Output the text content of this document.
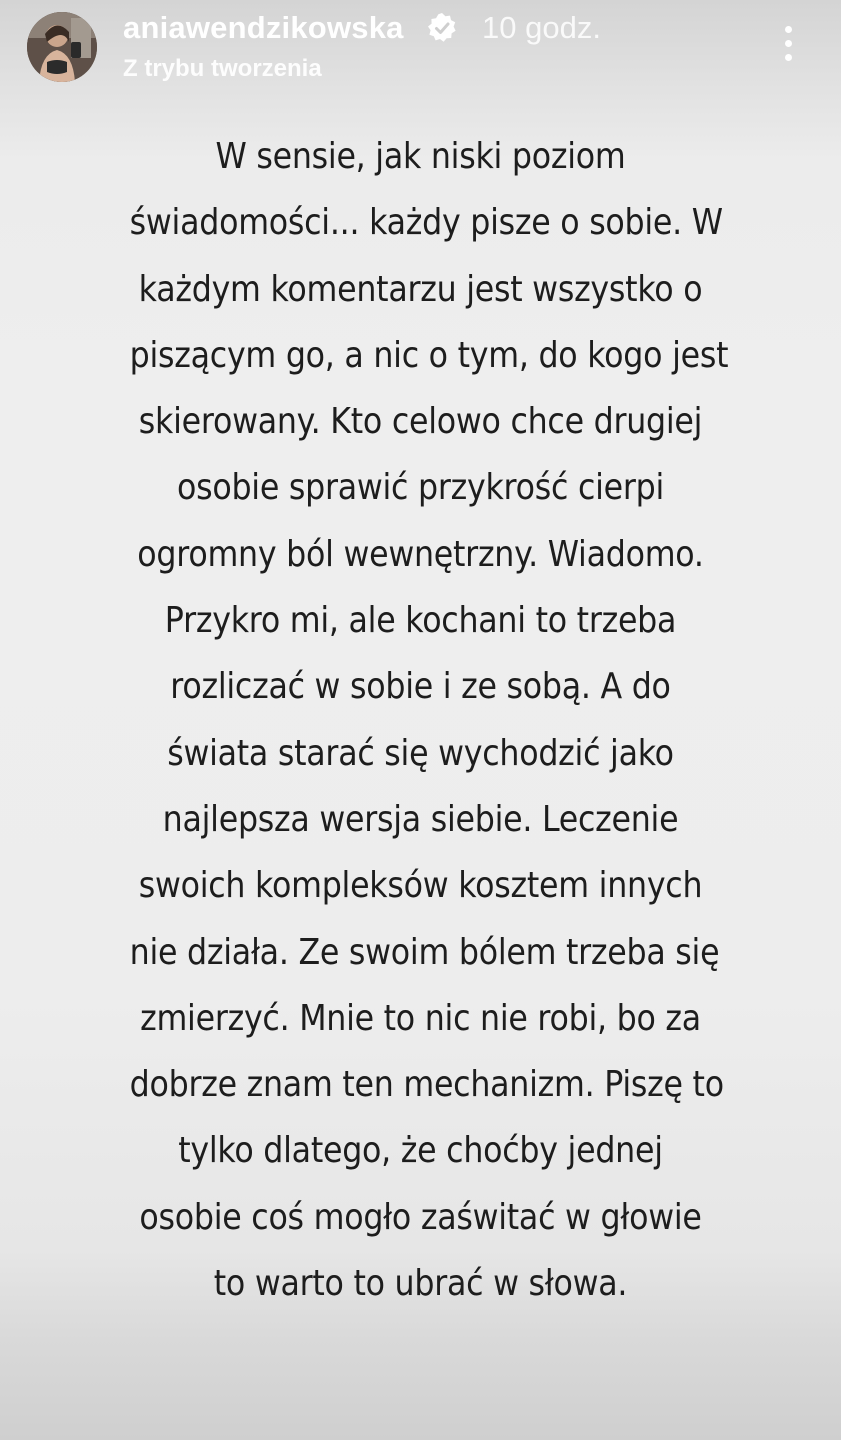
aniawendzikowska	10 godz.
Z trybu tworzenia

W sensie, jak niski poziom
świadomości... każdy pisze o sobie. W
każdym komentarzu jest wszystko o
piszącym go, a nic o tym, do kogo jest
skierowany. Kto celowo chce drugiej
osobie sprawić przykrość cierpi
ogromny ból wewnętrzny. Wiadomo.
Przykro mi, ale kochani to trzeba
rozliczać w sobie i ze sobą. A do
świata starać się wychodzić jako
najlepsza wersja siebie. Leczenie
swoich kompleksów kosztem innych
nie działa. Ze swoim bólem trzeba się
zmierzyć. Mnie to nic nie robi, bo za
dobrze znam ten mechanizm. Piszę to
tylko dlatego, że choćby jednej
osobie coś mogło zaświtać w głowie
to warto to ubrać w słowa.
